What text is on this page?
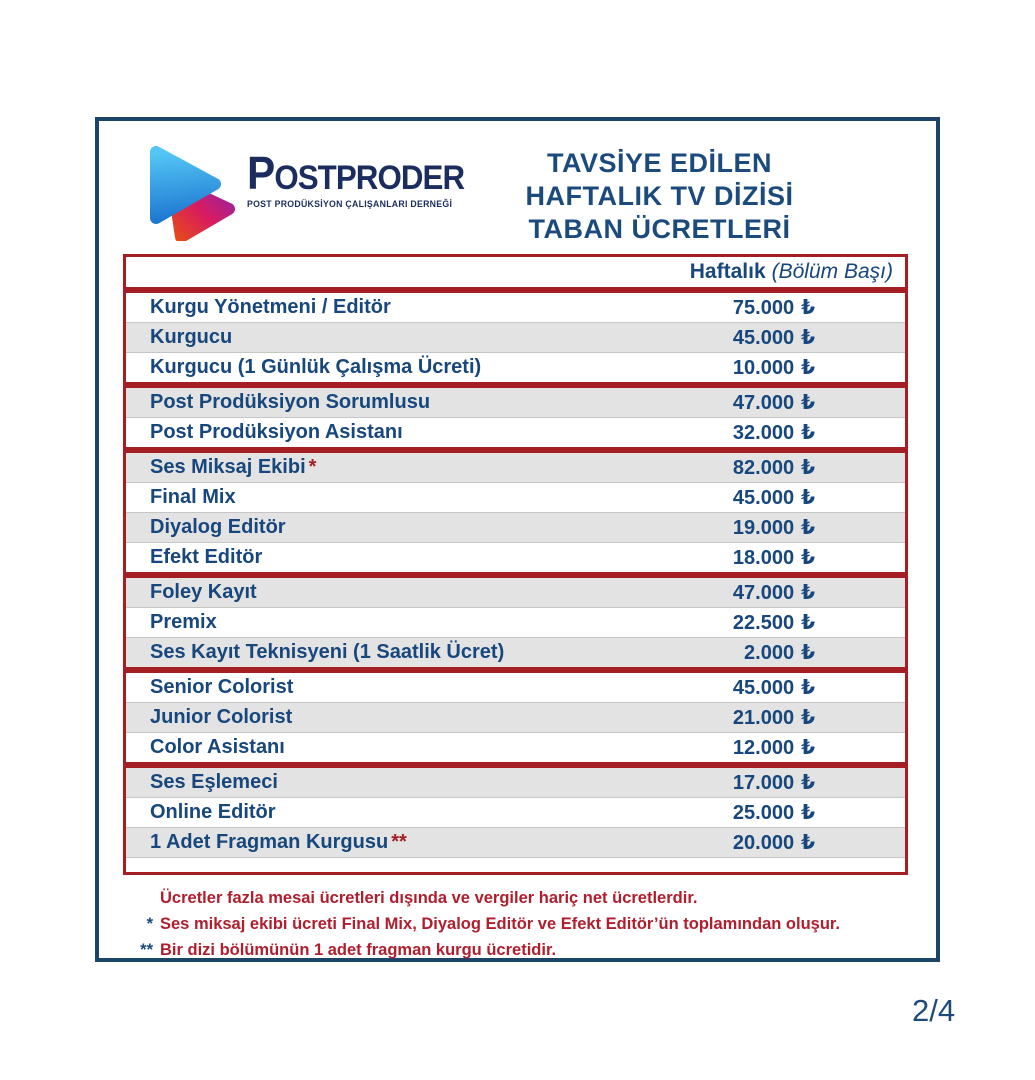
POSTPRODER
POST PRODÜKSİYON ÇALIŞANLARI DERNEĞİ
TAVSİYE EDİLEN
HAFTALIK TV DİZİSİ
TABAN ÜCRETLERİ
Haftalık (Bölüm Başı)
Kurgu Yönetmeni / Editör	75.000 ₺
Kurgucu	45.000 ₺
Kurgucu (1 Günlük Çalışma Ücreti)	10.000 ₺
Post Prodüksiyon Sorumlusu	47.000 ₺
Post Prodüksiyon Asistanı	32.000 ₺
Ses Miksaj Ekibi *	82.000 ₺
Final Mix	45.000 ₺
Diyalog Editör	19.000 ₺
Efekt Editör	18.000 ₺
Foley Kayıt	47.000 ₺
Premix	22.500 ₺
Ses Kayıt Teknisyeni (1 Saatlik Ücret)	2.000 ₺
Senior Colorist	45.000 ₺
Junior Colorist	21.000 ₺
Color Asistanı	12.000 ₺
Ses Eşlemeci	17.000 ₺
Online Editör	25.000 ₺
1 Adet Fragman Kurgusu **	20.000 ₺
Ücretler fazla mesai ücretleri dışında ve vergiler hariç net ücretlerdir.
* Ses miksaj ekibi ücreti Final Mix, Diyalog Editör ve Efekt Editör’ün toplamından oluşur.
** Bir dizi bölümünün 1 adet fragman kurgu ücretidir.
2/4
